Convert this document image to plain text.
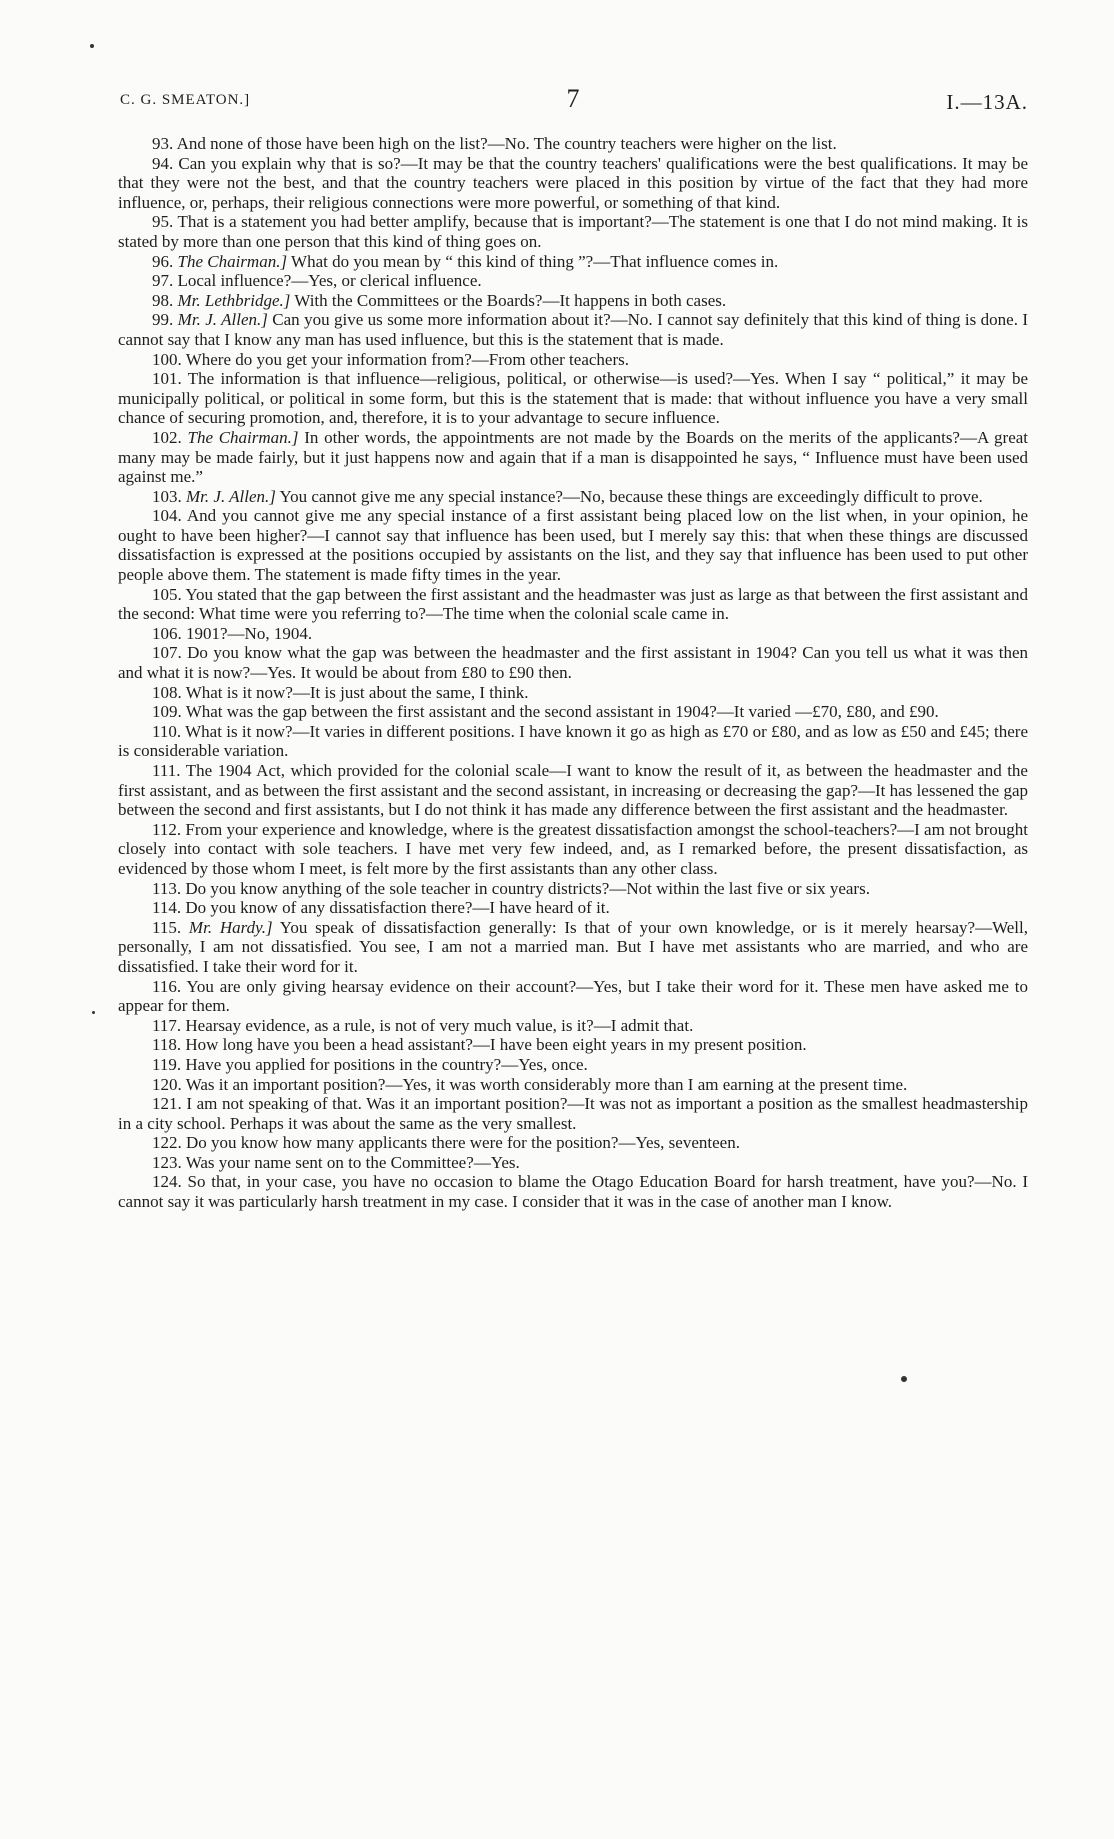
C. G. SMEATON.]	7	I.—13A.

93. And none of those have been high on the list?—No. The country teachers were higher on the list.

94. Can you explain why that is so?—It may be that the country teachers' qualifications were the best qualifications. It may be that they were not the best, and that the country teachers were placed in this position by virtue of the fact that they had more influence, or, perhaps, their religious connections were more powerful, or something of that kind.

95. That is a statement you had better amplify, because that is important?—The statement is one that I do not mind making. It is stated by more than one person that this kind of thing goes on.

96. The Chairman.] What do you mean by “ this kind of thing ”?—That influence comes in.

97. Local influence?—Yes, or clerical influence.

98. Mr. Lethbridge.] With the Committees or the Boards?—It happens in both cases.

99. Mr. J. Allen.] Can you give us some more information about it?—No. I cannot say definitely that this kind of thing is done. I cannot say that I know any man has used influence, but this is the statement that is made.

100. Where do you get your information from?—From other teachers.

101. The information is that influence—religious, political, or otherwise—is used?—Yes. When I say “ political,” it may be municipally political, or political in some form, but this is the statement that is made: that without influence you have a very small chance of securing promotion, and, therefore, it is to your advantage to secure influence.

102. The Chairman.] In other words, the appointments are not made by the Boards on the merits of the applicants?—A great many may be made fairly, but it just happens now and again that if a man is disappointed he says, “ Influence must have been used against me.”

103. Mr. J. Allen.] You cannot give me any special instance?—No, because these things are exceedingly difficult to prove.

104. And you cannot give me any special instance of a first assistant being placed low on the list when, in your opinion, he ought to have been higher?—I cannot say that influence has been used, but I merely say this: that when these things are discussed dissatisfaction is expressed at the positions occupied by assistants on the list, and they say that influence has been used to put other people above them. The statement is made fifty times in the year.

105. You stated that the gap between the first assistant and the headmaster was just as large as that between the first assistant and the second: What time were you referring to?—The time when the colonial scale came in.

106. 1901?—No, 1904.

107. Do you know what the gap was between the headmaster and the first assistant in 1904? Can you tell us what it was then and what it is now?—Yes. It would be about from £80 to £90 then.

108. What is it now?—It is just about the same, I think.

109. What was the gap between the first assistant and the second assistant in 1904?—It varied —£70, £80, and £90.

110. What is it now?—It varies in different positions. I have known it go as high as £70 or £80, and as low as £50 and £45; there is considerable variation.

111. The 1904 Act, which provided for the colonial scale—I want to know the result of it, as between the headmaster and the first assistant, and as between the first assistant and the second assistant, in increasing or decreasing the gap?—It has lessened the gap between the second and first assistants, but I do not think it has made any difference between the first assistant and the headmaster.

112. From your experience and knowledge, where is the greatest dissatisfaction amongst the school-teachers?—I am not brought closely into contact with sole teachers. I have met very few indeed, and, as I remarked before, the present dissatisfaction, as evidenced by those whom I meet, is felt more by the first assistants than any other class.

113. Do you know anything of the sole teacher in country districts?—Not within the last five or six years.

114. Do you know of any dissatisfaction there?—I have heard of it.

115. Mr. Hardy.] You speak of dissatisfaction generally: Is that of your own knowledge, or is it merely hearsay?—Well, personally, I am not dissatisfied. You see, I am not a married man. But I have met assistants who are married, and who are dissatisfied. I take their word for it.

116. You are only giving hearsay evidence on their account?—Yes, but I take their word for it. These men have asked me to appear for them.

117. Hearsay evidence, as a rule, is not of very much value, is it?—I admit that.

118. How long have you been a head assistant?—I have been eight years in my present position.

119. Have you applied for positions in the country?—Yes, once.

120. Was it an important position?—Yes, it was worth considerably more than I am earning at the present time.

121. I am not speaking of that. Was it an important position?—It was not as important a position as the smallest headmastership in a city school. Perhaps it was about the same as the very smallest.

122. Do you know how many applicants there were for the position?—Yes, seventeen.

123. Was your name sent on to the Committee?—Yes.

124. So that, in your case, you have no occasion to blame the Otago Education Board for harsh treatment, have you?—No. I cannot say it was particularly harsh treatment in my case. I consider that it was in the case of another man I know.
